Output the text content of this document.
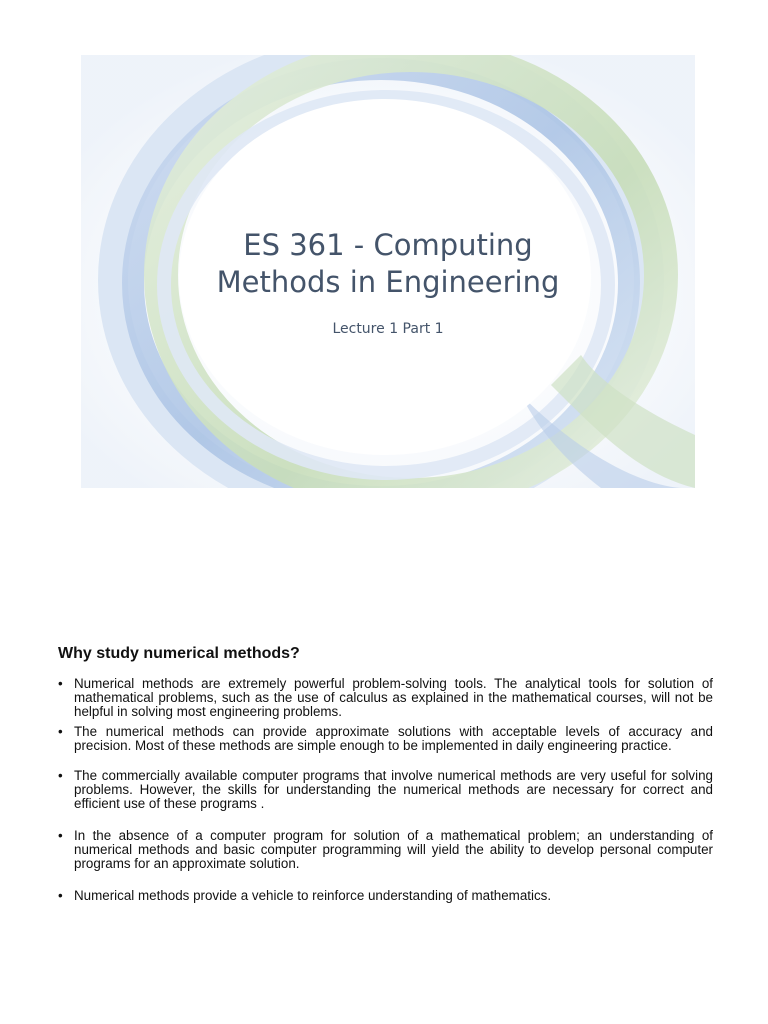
ES 361 - Computing
Methods in Engineering

Lecture 1 Part 1

Why study numerical methods?
• Numerical methods are extremely powerful problem-solving tools. The analytical tools for solution of mathematical problems, such as the use of calculus as explained in the mathematical courses, will not be helpful in solving most engineering problems.
• The numerical methods can provide approximate solutions with acceptable levels of accuracy and precision. Most of these methods are simple enough to be implemented in daily engineering practice.
• The commercially available computer programs that involve numerical methods are very useful for solving problems. However, the skills for understanding the numerical methods are necessary for correct and efficient use of these programs .
• In the absence of a computer program for solution of a mathematical problem; an understanding of numerical methods and basic computer programming will yield the ability to develop personal computer programs for an approximate solution.
• Numerical methods provide a vehicle to reinforce understanding of mathematics.
